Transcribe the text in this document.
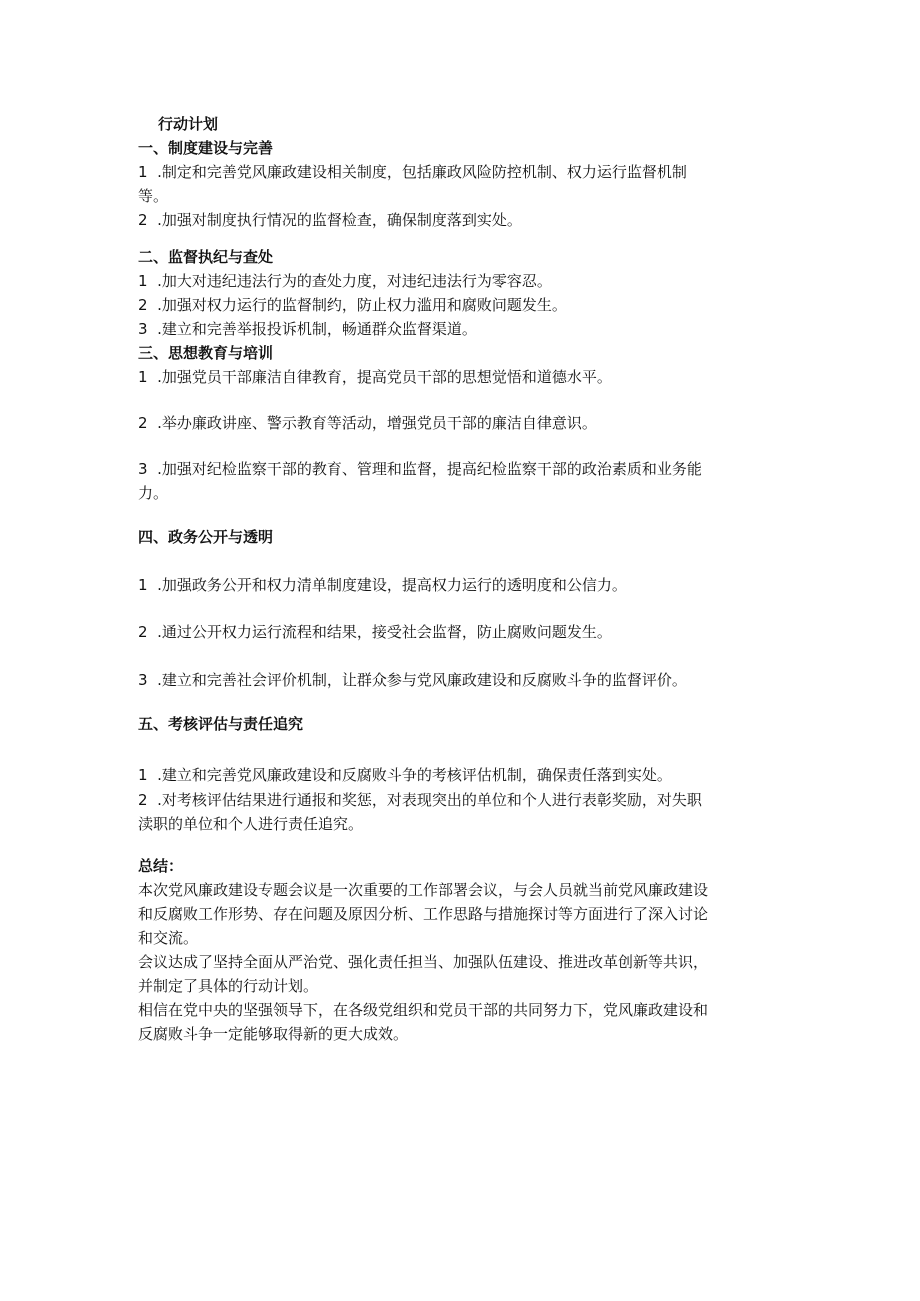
行动计划
一、制度建设与完善
1  .制定和完善党风廉政建设相关制度，包括廉政风险防控机制、权力运行监督机制
等。
2  .加强对制度执行情况的监督检查，确保制度落到实处。
二、监督执纪与查处
1  .加大对违纪违法行为的查处力度，对违纪违法行为零容忍。
2  .加强对权力运行的监督制约，防止权力滥用和腐败问题发生。
3  .建立和完善举报投诉机制，畅通群众监督渠道。
三、思想教育与培训
1  .加强党员干部廉洁自律教育，提高党员干部的思想觉悟和道德水平。
2  .举办廉政讲座、警示教育等活动，增强党员干部的廉洁自律意识。
3  .加强对纪检监察干部的教育、管理和监督，提高纪检监察干部的政治素质和业务能
力。
四、政务公开与透明
1  .加强政务公开和权力清单制度建设，提高权力运行的透明度和公信力。
2  .通过公开权力运行流程和结果，接受社会监督，防止腐败问题发生。
3  .建立和完善社会评价机制，让群众参与党风廉政建设和反腐败斗争的监督评价。
五、考核评估与责任追究
1  .建立和完善党风廉政建设和反腐败斗争的考核评估机制，确保责任落到实处。
2  .对考核评估结果进行通报和奖惩，对表现突出的单位和个人进行表彰奖励，对失职
渎职的单位和个人进行责任追究。
总结：
本次党风廉政建设专题会议是一次重要的工作部署会议，与会人员就当前党风廉政建设
和反腐败工作形势、存在问题及原因分析、工作思路与措施探讨等方面进行了深入讨论
和交流。
会议达成了坚持全面从严治党、强化责任担当、加强队伍建设、推进改革创新等共识，
并制定了具体的行动计划。
相信在党中央的坚强领导下，在各级党组织和党员干部的共同努力下，党风廉政建设和
反腐败斗争一定能够取得新的更大成效。
